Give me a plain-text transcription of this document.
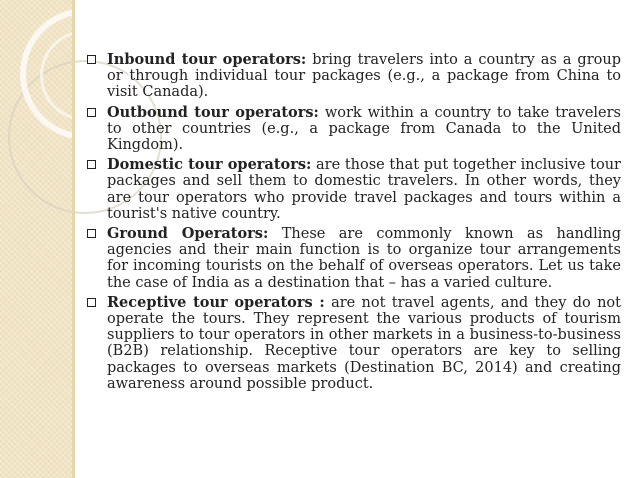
Inbound tour operators: bring travelers into a country as a group or through individual tour packages (e.g., a package from China to visit Canada).
Outbound tour operators: work within a country to take travelers to other countries (e.g., a package from Canada to the United Kingdom).
Domestic tour operators: are those that put together inclusive tour packages and sell them to domestic travelers. In other words, they are tour operators who provide travel packages and tours within a tourist's native country.
Ground Operators: These are commonly known as handling agencies and their main function is to organize tour arrangements for incoming tourists on the behalf of overseas operators. Let us take the case of India as a destination that – has a varied culture.
Receptive tour operators : are not travel agents, and they do not operate the tours. They represent the various products of tourism suppliers to tour operators in other markets in a business-to-business (B2B) relationship. Receptive tour operators are key to selling packages to overseas markets (Destination BC, 2014) and creating awareness around possible product.
